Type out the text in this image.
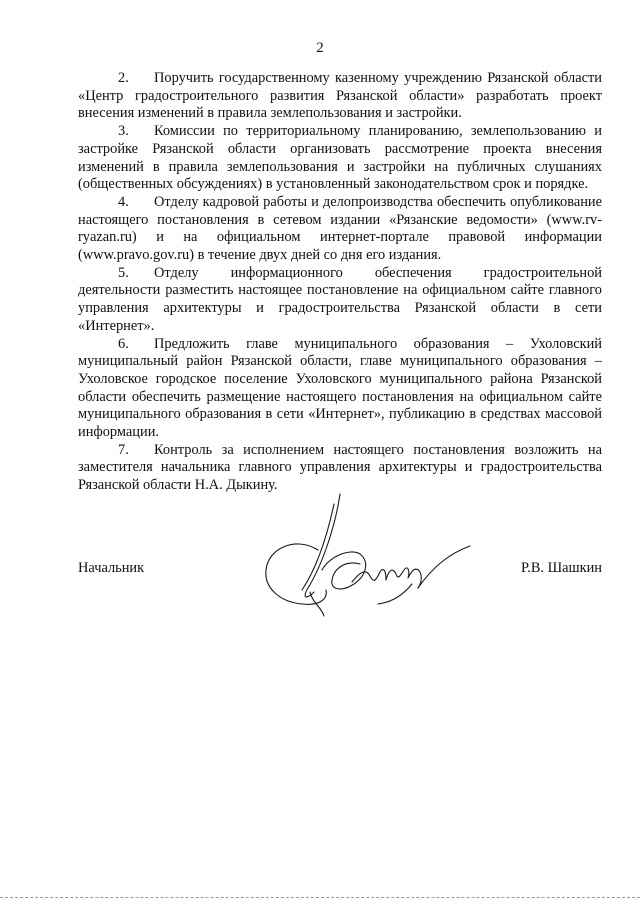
2

2. Поручить государственному казенному учреждению Рязанской области «Центр градостроительного развития Рязанской области» разработать проект внесения изменений в правила землепользования и застройки.

3. Комиссии по территориальному планированию, землепользованию и застройке Рязанской области организовать рассмотрение проекта внесения изменений в правила землепользования и застройки на публичных слушаниях (общественных обсуждениях) в установленный законодательством срок и порядке.

4. Отделу кадровой работы и делопроизводства обеспечить опубликование настоящего постановления в сетевом издании «Рязанские ведомости» (www.rv-ryazan.ru) и на официальном интернет-портале правовой информации (www.pravo.gov.ru) в течение двух дней со дня его издания.

5. Отделу информационного обеспечения градостроительной деятельности разместить настоящее постановление на официальном сайте главного управления архитектуры и градостроительства Рязанской области в сети «Интернет».

6. Предложить главе муниципального образования – Ухоловский муниципальный район Рязанской области, главе муниципального образования – Ухоловское городское поселение Ухоловского муниципального района Рязанской области обеспечить размещение настоящего постановления на официальном сайте муниципального образования в сети «Интернет», публикацию в средствах массовой информации.

7. Контроль за исполнением настоящего постановления возложить на заместителя начальника главного управления архитектуры и градостроительства Рязанской области Н.А. Дыкину.

Начальник	Р.В. Шашкин
